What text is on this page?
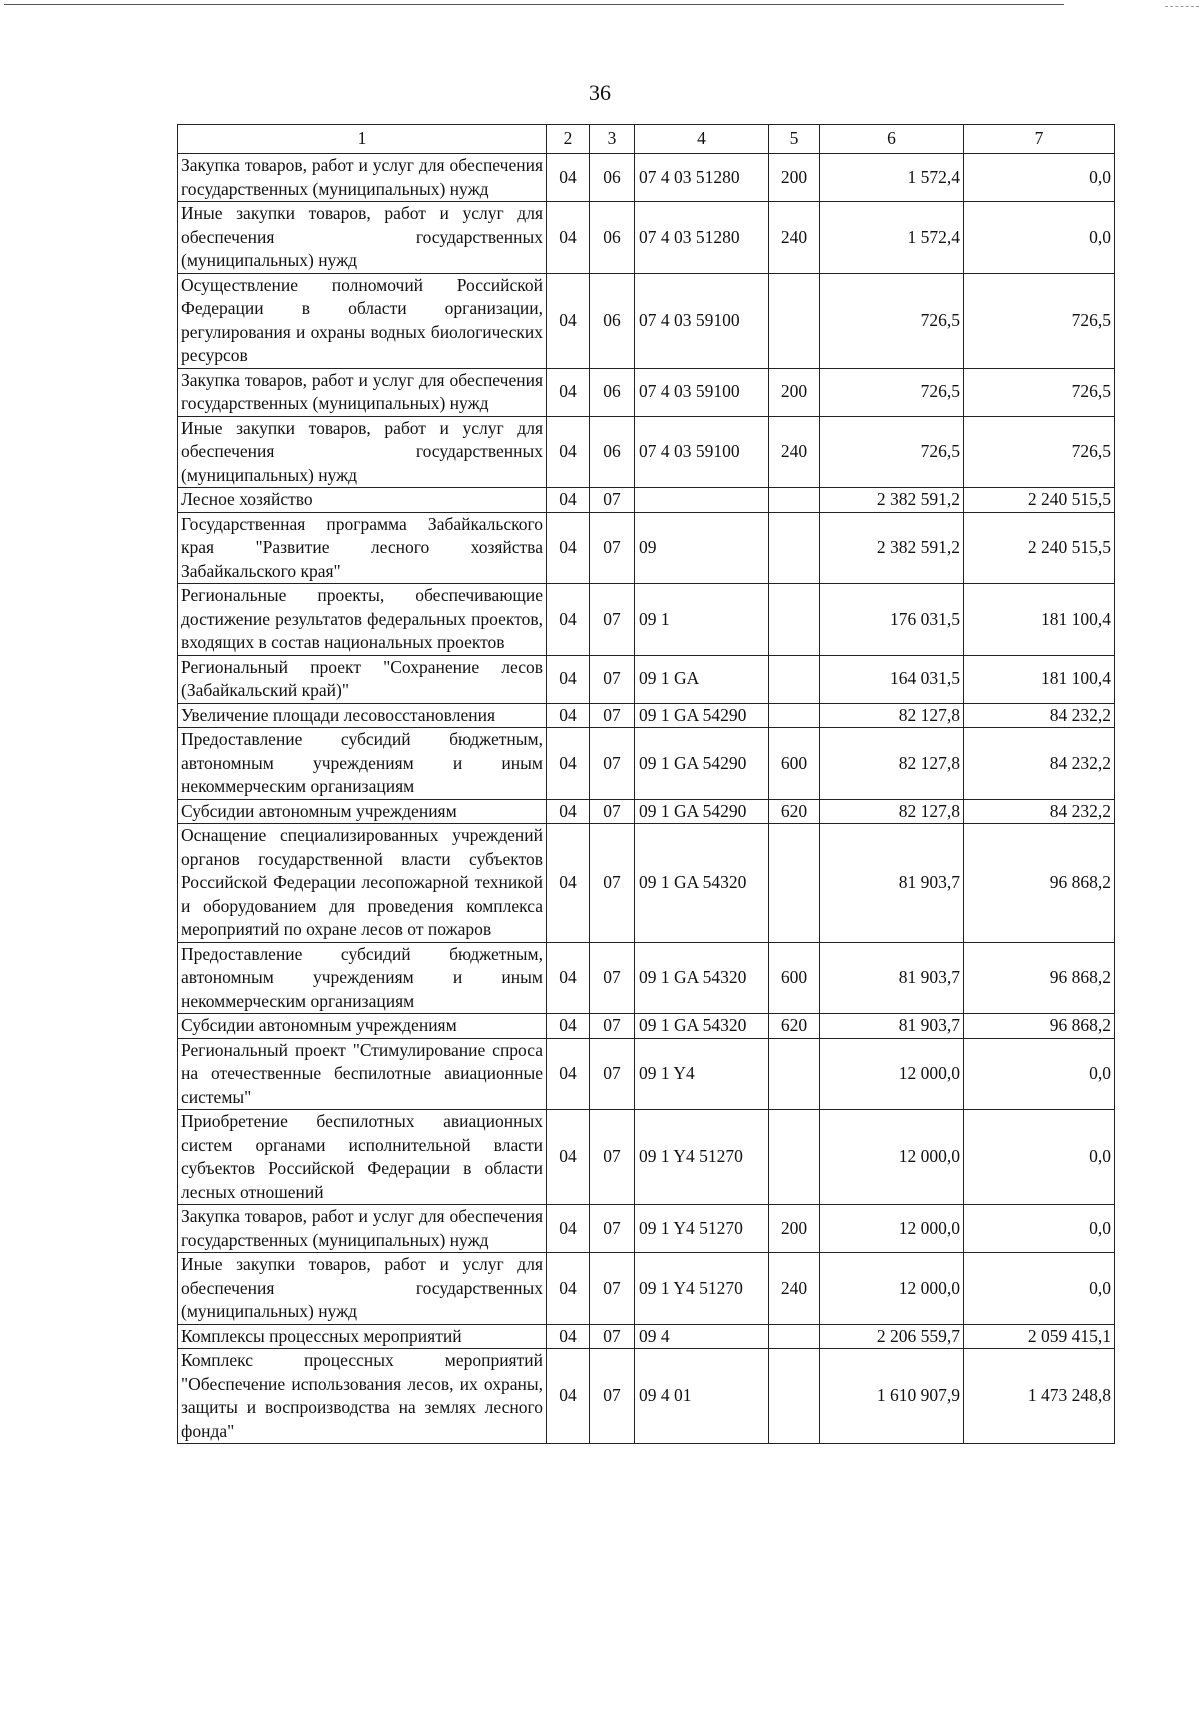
36
1	2	3	4	5	6	7
Закупка товаров, работ и услуг для обеспечения государственных (муниципальных) нужд	04	06	07 4 03 51280	200	1 572,4	0,0
Иные закупки товаров, работ и услуг для обеспечения государственных (муниципальных) нужд	04	06	07 4 03 51280	240	1 572,4	0,0
Осуществление полномочий Российской Федерации в области организации, регулирования и охраны водных биологических ресурсов	04	06	07 4 03 59100		726,5	726,5
Закупка товаров, работ и услуг для обеспечения государственных (муниципальных) нужд	04	06	07 4 03 59100	200	726,5	726,5
Иные закупки товаров, работ и услуг для обеспечения государственных (муниципальных) нужд	04	06	07 4 03 59100	240	726,5	726,5
Лесное хозяйство	04	07			2 382 591,2	2 240 515,5
Государственная программа Забайкальского края "Развитие лесного хозяйства Забайкальского края"	04	07	09		2 382 591,2	2 240 515,5
Региональные проекты, обеспечивающие достижение результатов федеральных проектов, входящих в состав национальных проектов	04	07	09 1		176 031,5	181 100,4
Региональный проект "Сохранение лесов (Забайкальский край)"	04	07	09 1 GA		164 031,5	181 100,4
Увеличение площади лесовосстановления	04	07	09 1 GA 54290		82 127,8	84 232,2
Предоставление субсидий бюджетным, автономным учреждениям и иным некоммерческим организациям	04	07	09 1 GA 54290	600	82 127,8	84 232,2
Субсидии автономным учреждениям	04	07	09 1 GA 54290	620	82 127,8	84 232,2
Оснащение специализированных учреждений органов государственной власти субъектов Российской Федерации лесопожарной техникой и оборудованием для проведения комплекса мероприятий по охране лесов от пожаров	04	07	09 1 GA 54320		81 903,7	96 868,2
Предоставление субсидий бюджетным, автономным учреждениям и иным некоммерческим организациям	04	07	09 1 GA 54320	600	81 903,7	96 868,2
Субсидии автономным учреждениям	04	07	09 1 GA 54320	620	81 903,7	96 868,2
Региональный проект "Стимулирование спроса на отечественные беспилотные авиационные системы"	04	07	09 1 Y4		12 000,0	0,0
Приобретение беспилотных авиационных систем органами исполнительной власти субъектов Российской Федерации в области лесных отношений	04	07	09 1 Y4 51270		12 000,0	0,0
Закупка товаров, работ и услуг для обеспечения государственных (муниципальных) нужд	04	07	09 1 Y4 51270	200	12 000,0	0,0
Иные закупки товаров, работ и услуг для обеспечения государственных (муниципальных) нужд	04	07	09 1 Y4 51270	240	12 000,0	0,0
Комплексы процессных мероприятий	04	07	09 4		2 206 559,7	2 059 415,1
Комплекс процессных мероприятий "Обеспечение использования лесов, их охраны, защиты и воспроизводства на землях лесного фонда"	04	07	09 4 01		1 610 907,9	1 473 248,8
